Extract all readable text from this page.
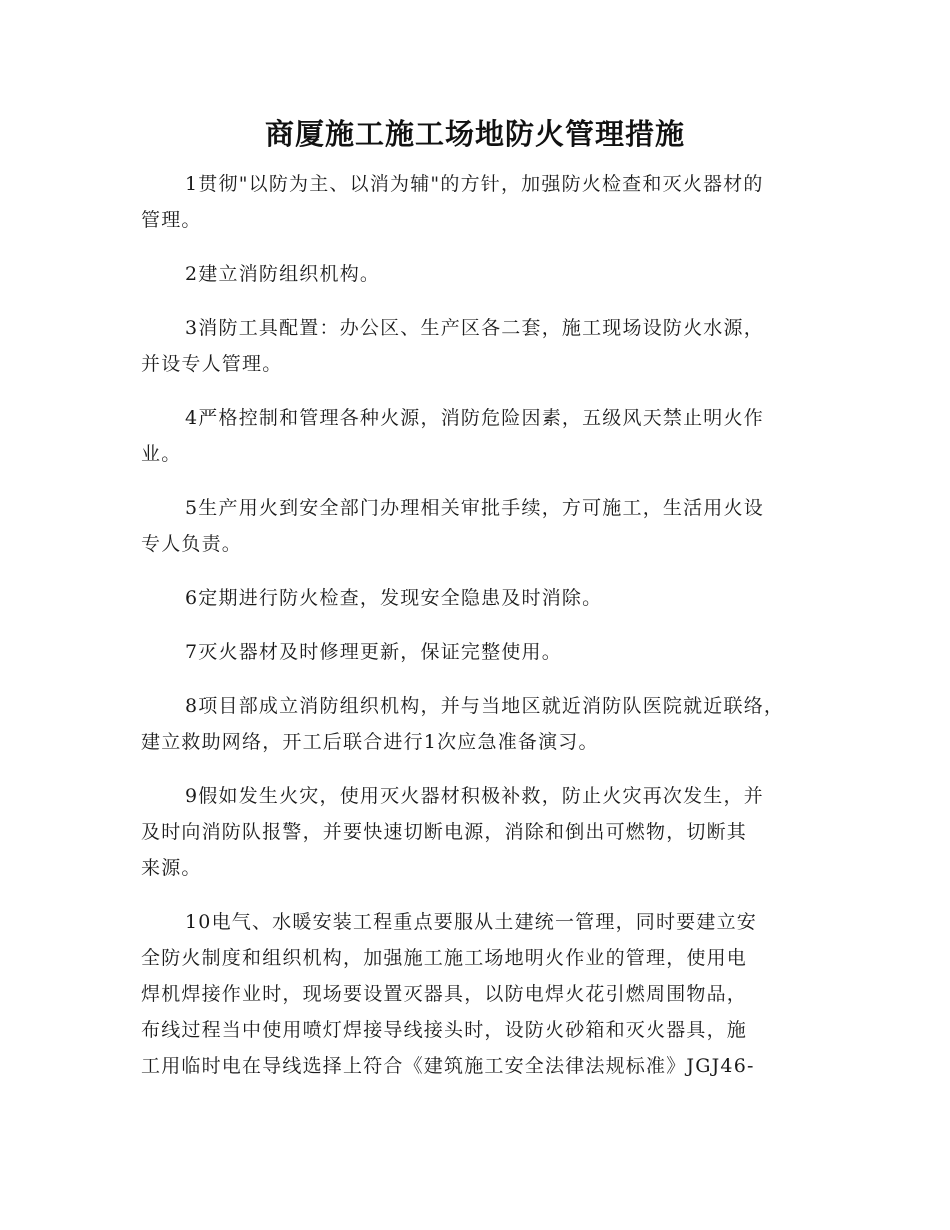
商厦施工施工场地防火管理措施

1贯彻"以防为主、以消为辅"的方针，加强防火检查和灭火器材的
管理。

2建立消防组织机构。

3消防工具配置：办公区、生产区各二套，施工现场设防火水源，
并设专人管理。

4严格控制和管理各种火源，消防危险因素，五级风天禁止明火作
业。

5生产用火到安全部门办理相关审批手续，方可施工，生活用火设
专人负责。

6定期进行防火检查，发现安全隐患及时消除。

7灭火器材及时修理更新，保证完整使用。

8项目部成立消防组织机构，并与当地区就近消防队医院就近联络，
建立救助网络，开工后联合进行1次应急准备演习。

9假如发生火灾，使用灭火器材积极补救，防止火灾再次发生，并
及时向消防队报警，并要快速切断电源，消除和倒出可燃物，切断其
来源。

10电气、水暖安装工程重点要服从土建统一管理，同时要建立安
全防火制度和组织机构，加强施工施工场地明火作业的管理，使用电
焊机焊接作业时，现场要设置灭器具，以防电焊火花引燃周围物品，
布线过程当中使用喷灯焊接导线接头时，设防火砂箱和灭火器具，施
工用临时电在导线选择上符合《建筑施工安全法律法规标准》JGJ46-
